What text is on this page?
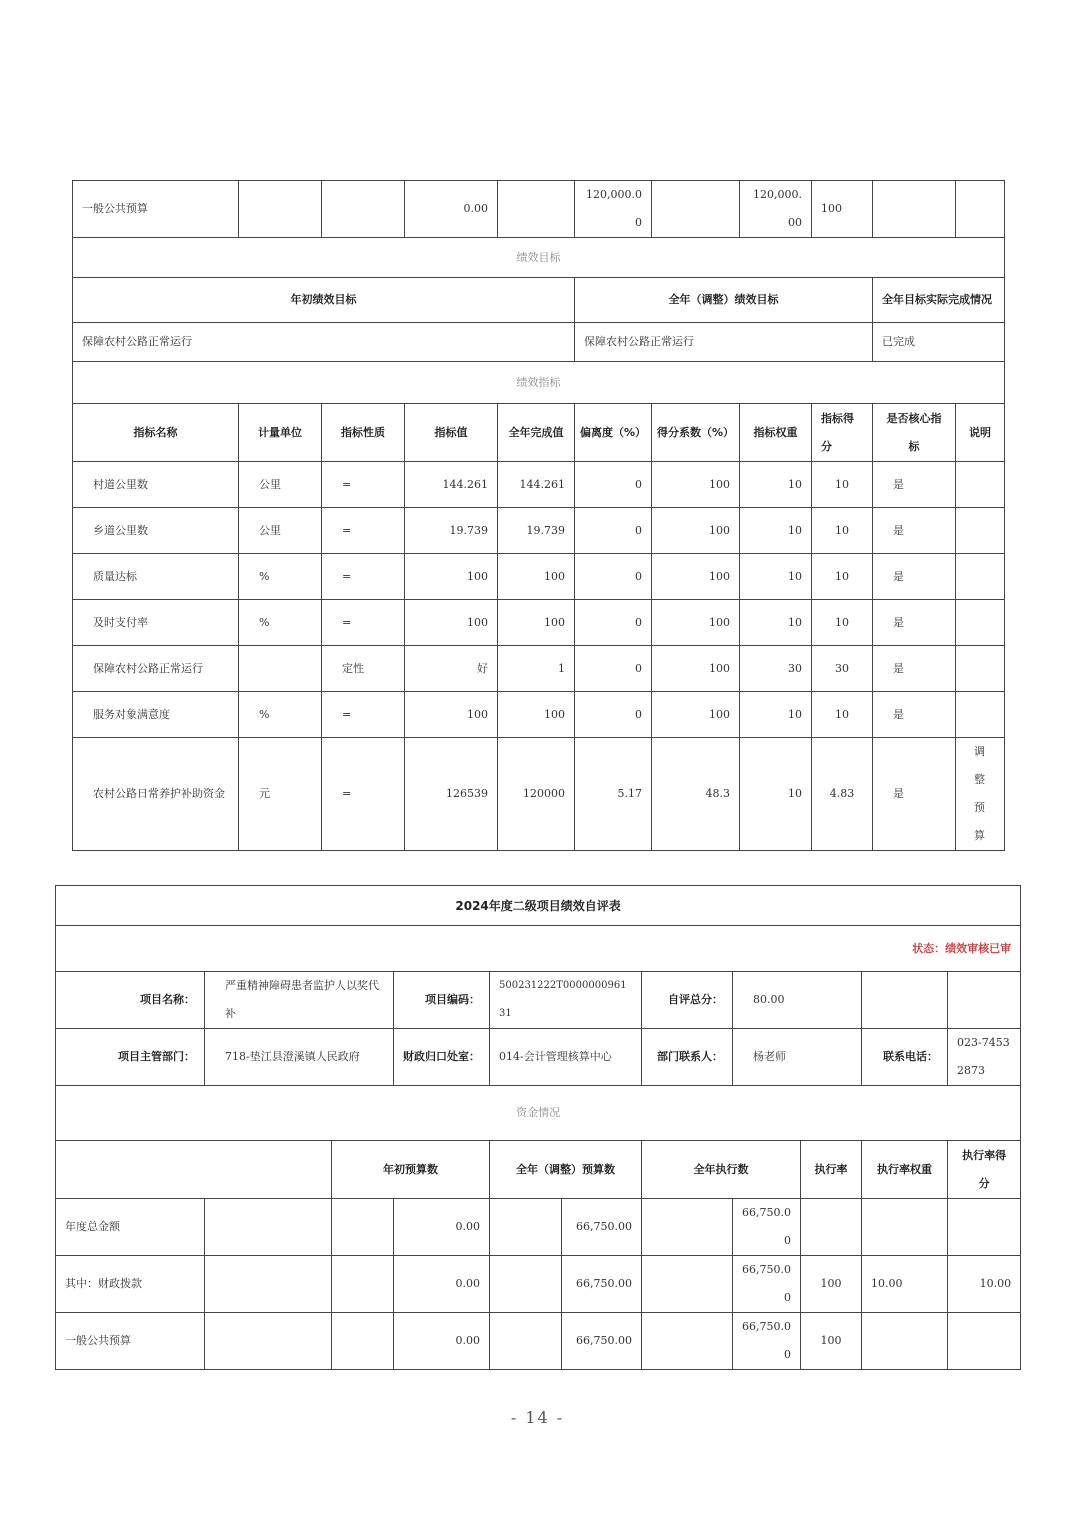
一般公共预算			0.00		120,000.00		120,000.00	100		
绩效目标										
年初绩效目标					全年（调整）绩效目标				全年目标实际完成情况	
保障农村公路正常运行					保障农村公路正常运行				已完成	
绩效指标										
指标名称	计量单位	指标性质	指标值	全年完成值	偏离度（%）	得分系数（%）	指标权重	指标得分	是否核心指标	说明
村道公里数	公里	=	144.261	144.261	0	100	10	10	是	
乡道公里数	公里	=	19.739	19.739	0	100	10	10	是	
质量达标	%	=	100	100	0	100	10	10	是	
及时支付率	%	=	100	100	0	100	10	10	是	
保障农村公路正常运行		定性	好	1	0	100	30	30	是	
服务对象满意度	%	=	100	100	0	100	10	10	是	
农村公路日常养护补助资金	元	=	126539	120000	5.17	48.3	10	4.83	是	调整预算
2024年度二级项目绩效自评表										
状态：绩效审核已审										
项目名称：	严重精神障碍患者监护人以奖代补		项目编码：	500231222T000000096131		自评总分：	80.00			
项目主管部门：	718-垫江县澄溪镇人民政府		财政归口处室：	014-会计管理核算中心		部门联系人：	杨老师		联系电话：	023-74532873
资金情况										
		年初预算数		全年（调整）预算数		全年执行数		执行率	执行率权重	执行率得分
年度总金额			0.00		66,750.00		66,750.00			
其中：财政拨款			0.00		66,750.00		66,750.00	100	10.00	10.00
一般公共预算			0.00		66,750.00		66,750.00	100		
- 14 -
